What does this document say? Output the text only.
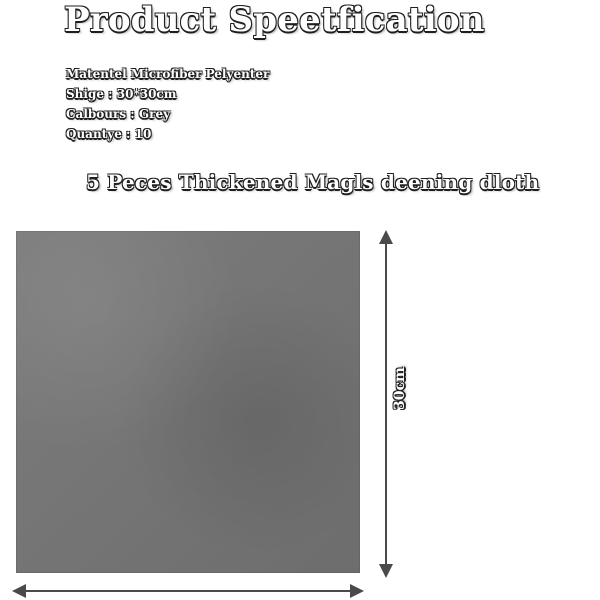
Product Speetfication
Matentel Microfiber Pelyenter
Shige : 30*30cm
Calbours : Grey
Quantye : 10
5 Peces Thickened Magls deening dloth
30cm
